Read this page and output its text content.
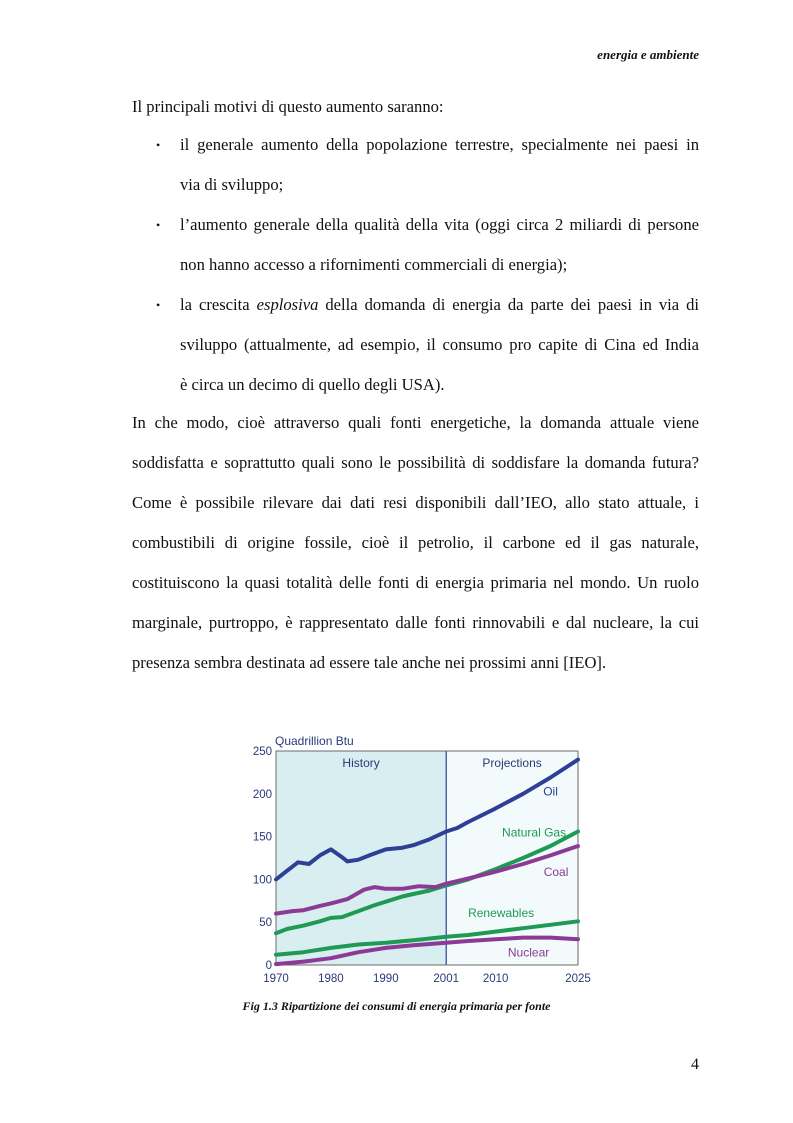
energia e ambiente
Il principali motivi di questo aumento saranno:
• il generale aumento della popolazione terrestre, specialmente nei paesi in
via di sviluppo;
• l’aumento generale della qualità della vita (oggi circa 2 miliardi di persone
non hanno accesso a rifornimenti commerciali di energia);
• la crescita esplosiva della domanda di energia da parte dei paesi in via di
sviluppo (attualmente, ad esempio, il consumo pro capite di Cina ed India
è circa un decimo di quello degli USA).
In che modo, cioè attraverso quali fonti energetiche, la domanda attuale viene
soddisfatta e soprattutto quali sono le possibilità di soddisfare la domanda futura?
Come è possibile rilevare dai dati resi disponibili dall’IEO, allo stato attuale, i
combustibili di origine fossile, cioè il petrolio, il carbone ed il gas naturale,
costituiscono la quasi totalità delle fonti di energia primaria nel mondo. Un ruolo
marginale, purtroppo, è rappresentato dalle fonti rinnovabili e dal nucleare, la cui
presenza sembra destinata ad essere tale anche nei prossimi anni [IEO].
Quadrillion Btu
History	Projections
250
200
150
100
50
0
1970	1980	1990	2001 2010	2025
Oil
Natural Gas
Coal
Renewables
Nuclear
Fig 1.3 Ripartizione dei consumi di energia primaria per fonte
4
